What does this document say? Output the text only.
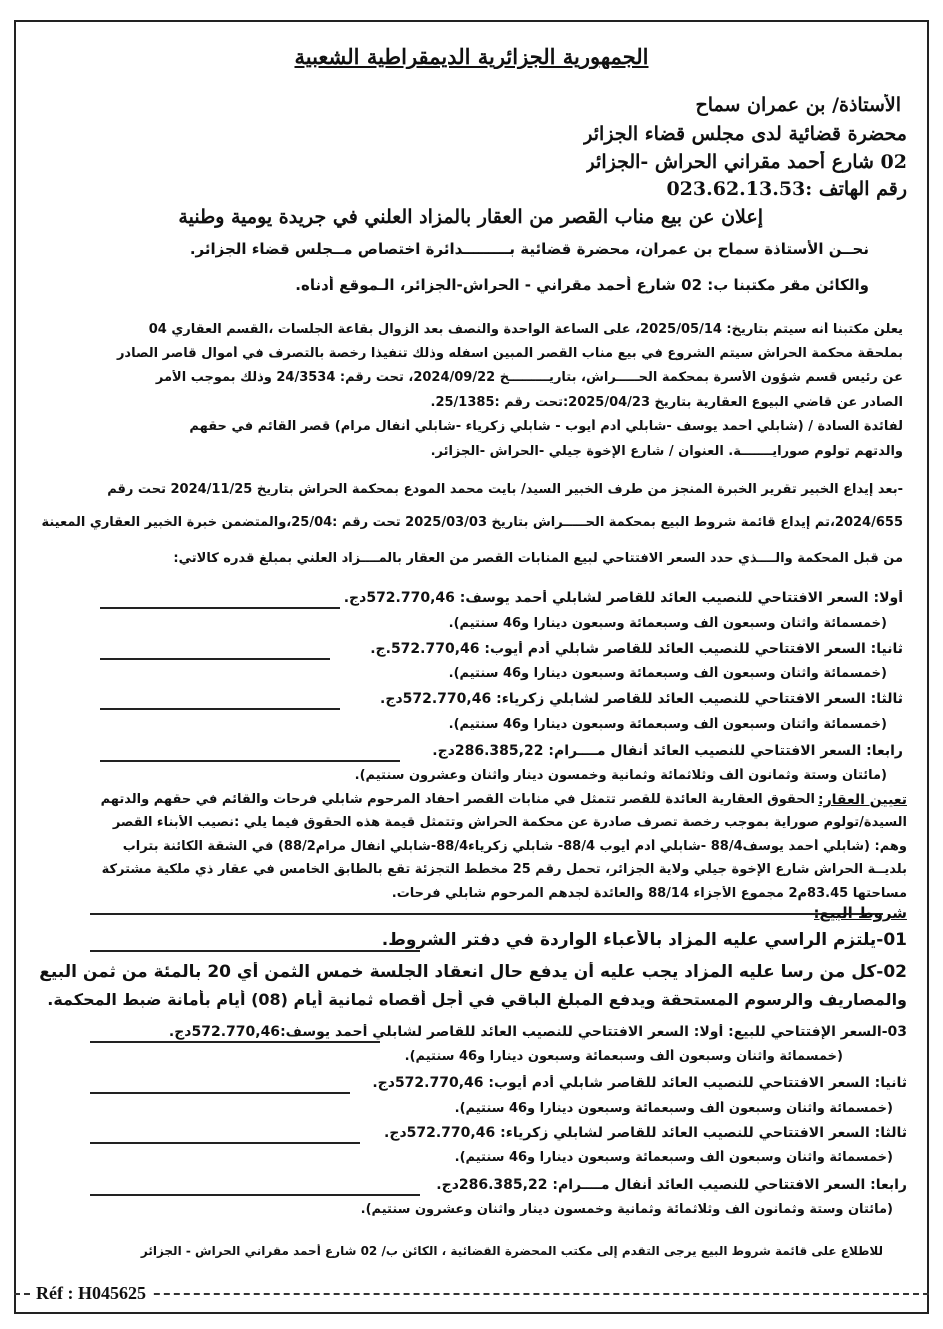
الجمهورية الجزائرية الديمقراطية الشعبية
الأستاذة/ بن عمران سماح
محضرة قضائية لدى مجلس قضاء الجزائر
02 شارع أحمد مقراني الحراش -الجزائر
رقم الهاتف :023.62.13.53
إعلان عن بيع مناب القصر من العقار بالمزاد العلني في جريدة يومية وطنية
نحــن الأستاذة سماح بن عمران، محضرة قضائية بـــــــــدائرة اختصاص مــجلس قضاء الجزائر.
والكائن مقر مكتبنا ب: 02 شارع أحمد مقراني - الحراش-الجزائر، الـموقع أدناه.
يعلن مكتبنا أنه سيتم بتاريخ: 2025/05/14، على الساعة الواحدة والنصف بعد الزوال بقاعة الجلسات ،القسم العقاري 04
بملحقة محكمة الحراش سيتم الشروع في بيع مناب القصر المبين اسفله وذلك تنفيذا رخصة بالتصرف في أموال قاصر الصادر
عن رئيس قسم شؤون الأسرة بمحكمة الحـــــراش، بتاريـــــــــخ 2024/09/22، تحت رقم: 24/3534 وذلك بموجب الأمر
الصادر عن قاضي البيوع العقارية بتاريخ 2025/04/23:تحت رقم :25/1385.
لفائدة السادة / (شابلي أحمد يوسف -شابلي أدم أيوب - شابلي زكرياء -شابلي أنفال مرام) قصر القائم في حقهم
والدتهم تولوم صورايـــــــة. العنوان / شارع الإخوة جيلي -الحراش -الجزائر.
-بعد إيداع الخبير تقرير الخبرة المنجز من طرف الخبير السيد/ بايت محمد المودع بمحكمة الحراش بتاريخ 2024/11/25 تحت رقم
2024/655،تم إيداع قائمة شروط البيع بمحكمة الحـــــراش بتاريخ 2025/03/03 تحت رقم :25/04،والمتضمن خبرة الخبير العقاري المعينة
من قبل المحكمة والــــذي حدد السعر الافتتاحي لبيع المنابات القصر من العقار بالمــــزاد العلني بمبلغ قدره كالاتي:
أولا: السعر الافتتاحي للنصيب العائد للقاصر لشابلي أحمد يوسف: 572.770,46دج.
(خمسمائة واثنان وسبعون ألف وسبعمائة وسبعون دينارا و46 سنتيم).
ثانيا: السعر الافتتاحي للنصيب العائد للقاصر شابلي أدم أيوب: 572.770,46.ج.
(خمسمائة واثنان وسبعون ألف وسبعمائة وسبعون دينارا و46 سنتيم).
ثالثا: السعر الافتتاحي للنصيب العائد للقاصر لشابلي زكرياء: 572.770,46دج.
(خمسمائة واثنان وسبعون ألف وسبعمائة وسبعون دينارا و46 سنتيم).
رابعا: السعر الافتتاحي للنصيب العائد أنفال مــــرام: 286.385,22دج.
(مائتان وستة وثمانون ألف وثلاثمائة وثمانية وخمسون دينار واثنان وعشرون سنتيم).
تعيين العقار:
الحقوق العقارية العائدة للقصر تتمثل في منابات القصر أحفاد المرحوم شابلي فرحات والقائم في حقهم والدتهم
السيدة/تولوم صوراية بموجب رخصة تصرف صادرة عن محكمة الحراش وتتمثل قيمة هذه الحقوق فيما يلي :نصيب الأبناء القصر
وهم: (شابلي أحمد يوسف88/4 -شابلي أدم أيوب 88/4- شابلي زكرياء88/4-شابلي أنفال مرام88/2) في الشقة الكائنة بتراب
بلديــة الحراش شارع الإخوة جيلي ولاية الجزائر، تحمل رقم 25 مخطط التجزئة تقع بالطابق الخامس في عقار ذي ملكية مشتركة
مساحتها 83.45م2 مجموع الأجزاء 88/14 والعائدة لجدهم المرحوم شابلي فرحات.
شروط البيع:
01-يلتزم الراسي عليه المزاد بالأعباء الواردة في دفتر الشروط.
02-كل من رسا عليه المزاد يجب عليه أن يدفع حال انعقاد الجلسة خمس الثمن أي 20 بالمئة من ثمن البيع
والمصاريف والرسوم المستحقة ويدفع المبلغ الباقي في أجل أقصاه ثمانية أيام (08) أيام بأمانة ضبط المحكمة.
03-السعر الإفتتاحي للبيع: أولا: السعر الافتتاحي للنصيب العائد للقاصر لشابلي أحمد يوسف:572.770,46دج.
(خمسمائة واثنان وسبعون ألف وسبعمائة وسبعون دينارا و46 سنتيم).
ثانيا: السعر الافتتاحي للنصيب العائد للقاصر شابلي أدم أيوب: 572.770,46دج.
(خمسمائة واثنان وسبعون ألف وسبعمائة وسبعون دينارا و46 سنتيم).
ثالثا: السعر الافتتاحي للنصيب العائد للقاصر لشابلي زكرياء: 572.770,46دج.
(خمسمائة واثنان وسبعون ألف وسبعمائة وسبعون دينارا و46 سنتيم).
رابعا: السعر الافتتاحي للنصيب العائد أنفال مــــرام: 286.385,22دج.
(مائتان وستة وثمانون ألف وثلاثمائة وثمانية وخمسون دينار واثنان وعشرون سنتيم).
للاطلاع على قائمة شروط البيع يرجى التقدم إلى مكتب المحضرة القضائية ، الكائن ب/ 02 شارع أحمد مقراني الحراش - الجزائر
Réf : H045625
